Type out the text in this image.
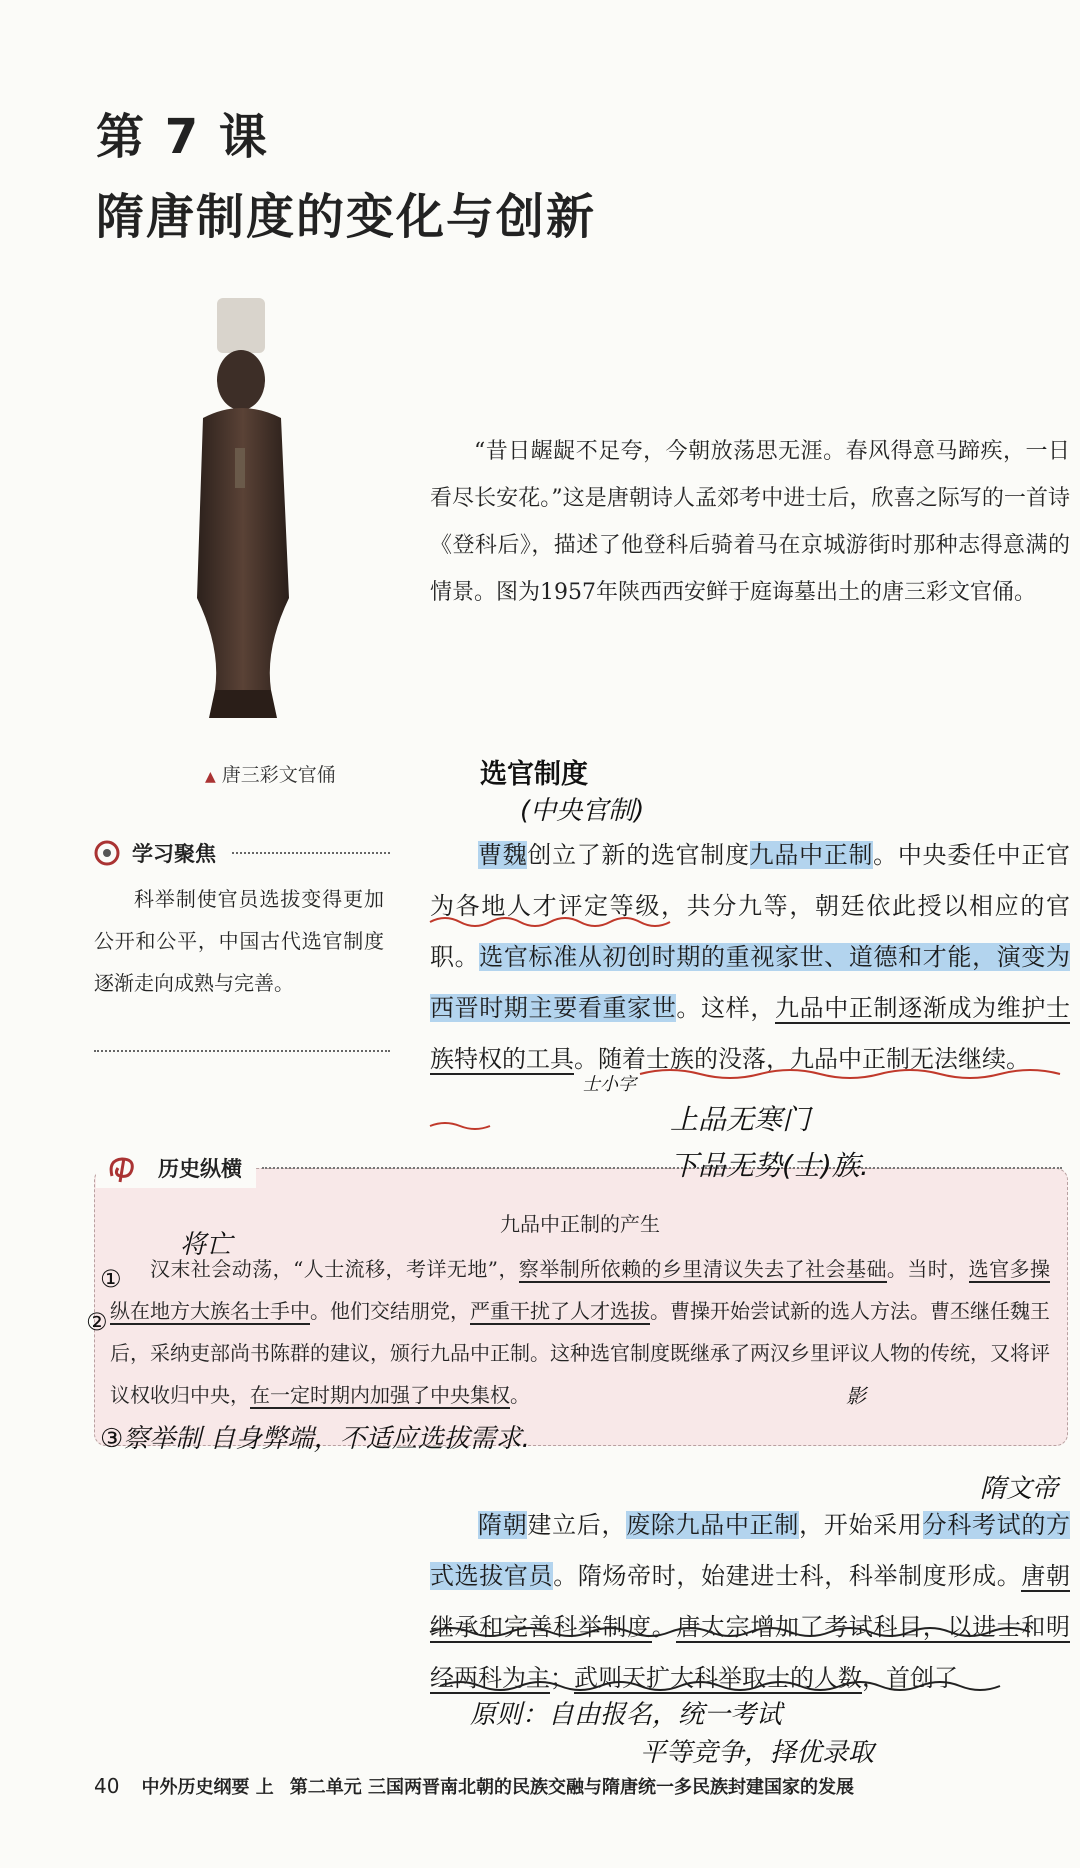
第 7 课
隋唐制度的变化与创新
▲ 唐三彩文官俑

“昔日龌龊不足夸，今朝放荡思无涯。春风得意马蹄疾，一日看尽长安花。”这是唐朝诗人孟郊考中进士后，欣喜之际写的一首诗《登科后》，描述了他登科后骑着马在京城游街时那种志得意满的情景。图为1957年陕西西安鲜于庭诲墓出土的唐三彩文官俑。

学习聚焦

科举制使官员选拔变得更加公开和公平，中国古代选官制度逐渐走向成熟与完善。

选官制度

曹魏创立了新的选官制度九品中正制。中央委任中正官为各地人才评定等级，共分九等，朝廷依此授以相应的官职。选官标准从初创时期的重视家世、道德和才能，演变为西晋时期主要看重家世。这样，九品中正制逐渐成为维护士族特权的工具。随着士族的没落，九品中正制无法继续。

历史纵横
九品中正制的产生

汉末社会动荡，“人士流移，考详无地”，察举制所依赖的乡里清议失去了社会基础。当时，选官多操纵在地方大族名士手中。他们交结朋党，严重干扰了人才选拔。曹操开始尝试新的选人方法。曹丕继任魏王后，采纳吏部尚书陈群的建议，颁行九品中正制。这种选官制度既继承了两汉乡里评议人物的传统，又将评议权收归中央，在一定时期内加强了中央集权。

隋朝建立后，废除九品中正制，开始采用分科考试的方式选拔官员。隋炀帝时，始建进士科，科举制度形成。唐朝继承和完善科举制度。唐太宗增加了考试科目，以进士和明经两科为主；武则天扩大科举取士的人数，首创了

(中央官制)
士小字
上品无寒门
下品无势(士)族.
将亡
①
②
③察举制 自身弊端，不适应选拔需求.
影
隋文帝
原则：自由报名，统一考试
平等竞争，择优录取
40 中外历史纲要 上 第二单元 三国两晋南北朝的民族交融与隋唐统一多民族封建国家的发展
